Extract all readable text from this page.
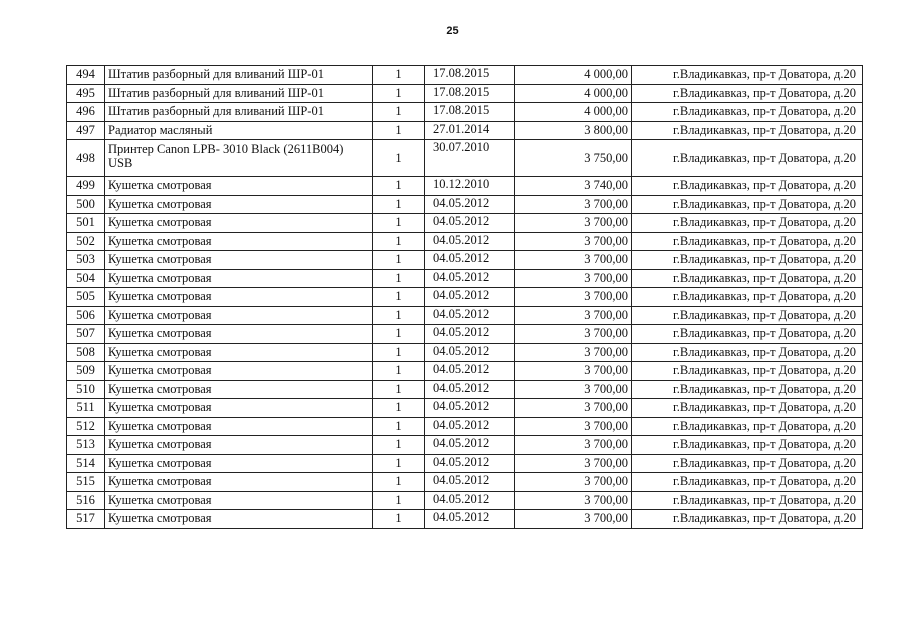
25
494	Штатив разборный для вливаний ШР-01	1	17.08.2015	4 000,00	г.Владикавказ, пр-т Доватора, д.20
495	Штатив разборный для вливаний ШР-01	1	17.08.2015	4 000,00	г.Владикавказ, пр-т Доватора, д.20
496	Штатив разборный для вливаний ШР-01	1	17.08.2015	4 000,00	г.Владикавказ, пр-т Доватора, д.20
497	Радиатор масляный	1	27.01.2014	3 800,00	г.Владикавказ, пр-т Доватора, д.20
498	Принтер Canon LPB- 3010 Black (2611B004) USB	1	30.07.2010	3 750,00	г.Владикавказ, пр-т Доватора, д.20
499	Кушетка смотровая	1	10.12.2010	3 740,00	г.Владикавказ, пр-т Доватора, д.20
500	Кушетка смотровая	1	04.05.2012	3 700,00	г.Владикавказ, пр-т Доватора, д.20
501	Кушетка смотровая	1	04.05.2012	3 700,00	г.Владикавказ, пр-т Доватора, д.20
502	Кушетка смотровая	1	04.05.2012	3 700,00	г.Владикавказ, пр-т Доватора, д.20
503	Кушетка смотровая	1	04.05.2012	3 700,00	г.Владикавказ, пр-т Доватора, д.20
504	Кушетка смотровая	1	04.05.2012	3 700,00	г.Владикавказ, пр-т Доватора, д.20
505	Кушетка смотровая	1	04.05.2012	3 700,00	г.Владикавказ, пр-т Доватора, д.20
506	Кушетка смотровая	1	04.05.2012	3 700,00	г.Владикавказ, пр-т Доватора, д.20
507	Кушетка смотровая	1	04.05.2012	3 700,00	г.Владикавказ, пр-т Доватора, д.20
508	Кушетка смотровая	1	04.05.2012	3 700,00	г.Владикавказ, пр-т Доватора, д.20
509	Кушетка смотровая	1	04.05.2012	3 700,00	г.Владикавказ, пр-т Доватора, д.20
510	Кушетка смотровая	1	04.05.2012	3 700,00	г.Владикавказ, пр-т Доватора, д.20
511	Кушетка смотровая	1	04.05.2012	3 700,00	г.Владикавказ, пр-т Доватора, д.20
512	Кушетка смотровая	1	04.05.2012	3 700,00	г.Владикавказ, пр-т Доватора, д.20
513	Кушетка смотровая	1	04.05.2012	3 700,00	г.Владикавказ, пр-т Доватора, д.20
514	Кушетка смотровая	1	04.05.2012	3 700,00	г.Владикавказ, пр-т Доватора, д.20
515	Кушетка смотровая	1	04.05.2012	3 700,00	г.Владикавказ, пр-т Доватора, д.20
516	Кушетка смотровая	1	04.05.2012	3 700,00	г.Владикавказ, пр-т Доватора, д.20
517	Кушетка смотровая	1	04.05.2012	3 700,00	г.Владикавказ, пр-т Доватора, д.20
